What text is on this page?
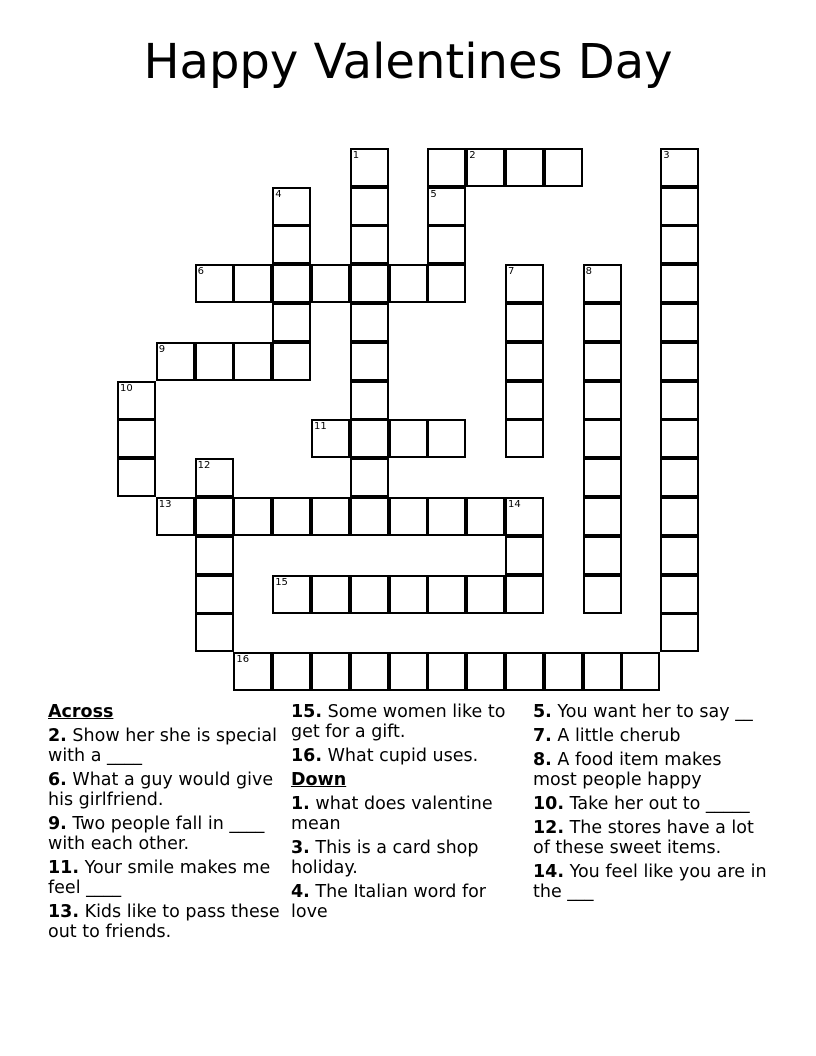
Happy Valentines Day
1	2	3
4	5
6	7	8
9
10
11
12
13	14
15
16
Across
2. Show her she is special with a ____
6. What a guy would give his girlfriend.
9. Two people fall in ____ with each other.
11. Your smile makes me feel ____
13. Kids like to pass these out to friends.
15. Some women like to get for a gift.
16. What cupid uses.
Down
1. what does valentine mean
3. This is a card shop holiday.
4. The Italian word for love
5. You want her to say __
7. A little cherub
8. A food item makes most people happy
10. Take her out to _____
12. The stores have a lot of these sweet items.
14. You feel like you are in the ___
